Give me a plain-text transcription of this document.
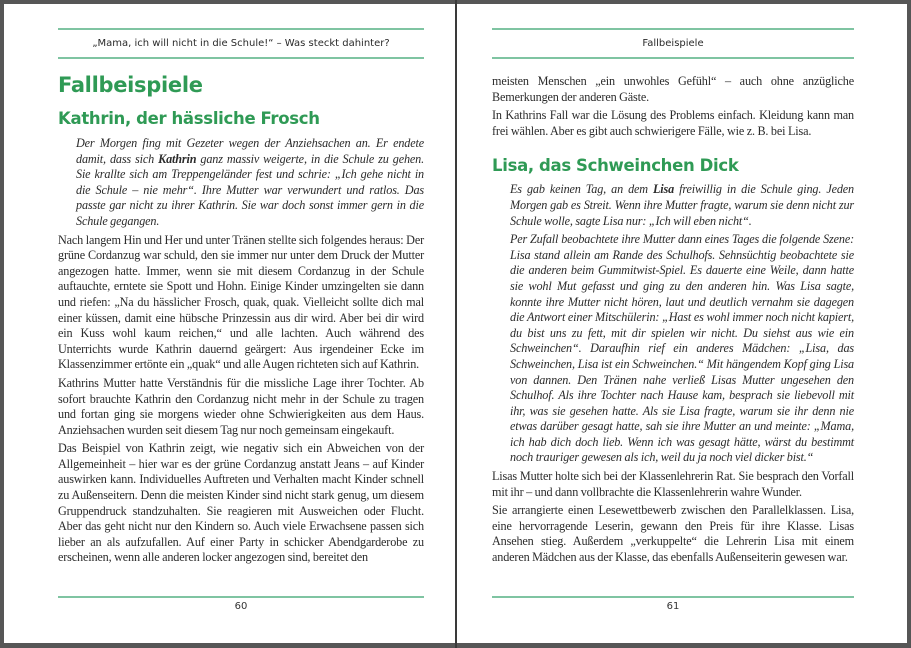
„Mama, ich will nicht in die Schule!“ – Was steckt dahinter?
Fallbeispiele
Kathrin, der hässliche Frosch

Der Morgen fing mit Gezeter wegen der Anziehsachen an. Er endete damit, dass sich Kathrin ganz massiv weigerte, in die Schule zu gehen. Sie krallte sich am Treppengeländer fest und schrie: „Ich gehe nicht in die Schule – nie mehr“. Ihre Mutter war verwundert und ratlos. Das passte gar nicht zu ihrer Kathrin. Sie war doch sonst immer gern in die Schule gegangen.

Nach langem Hin und Her und unter Tränen stellte sich folgendes heraus: Der grüne Cordanzug war schuld, den sie immer nur unter dem Druck der Mutter angezogen hatte. Immer, wenn sie mit diesem Cordanzug in der Schule auftauchte, erntete sie Spott und Hohn. Einige Kinder umzingelten sie dann und riefen: „Na du hässlicher Frosch, quak, quak. Vielleicht sollte dich mal einer küssen, damit eine hübsche Prinzessin aus dir wird. Aber bei dir wird ein Kuss wohl kaum reichen,“ und alle lachten. Auch während des Unterrichts wurde Kathrin dauernd geärgert: Aus irgendeiner Ecke im Klassenzimmer ertönte ein „quak“ und alle Augen richteten sich auf Kathrin.

Kathrins Mutter hatte Verständnis für die missliche Lage ihrer Tochter. Ab sofort brauchte Kathrin den Cordanzug nicht mehr in der Schule zu tragen und fortan ging sie morgens wieder ohne Schwierigkeiten aus dem Haus. Anziehsachen wurden seit diesem Tag nur noch gemeinsam eingekauft.

Das Beispiel von Kathrin zeigt, wie negativ sich ein Abweichen von der Allgemeinheit – hier war es der grüne Cordanzug anstatt Jeans – auf Kinder auswirken kann. Individuelles Auftreten und Verhalten macht Kinder schnell zu Außenseitern. Denn die meisten Kinder sind nicht stark genug, um diesem Gruppendruck standzuhalten. Sie reagieren mit Ausweichen oder Flucht. Aber das geht nicht nur den Kindern so. Auch viele Erwachsene passen sich lieber an als aufzufallen. Auf einer Party in schicker Abendgarderobe zu erscheinen, wenn alle anderen locker angezogen sind, bereitet den

60
Fallbeispiele

meisten Menschen „ein unwohles Gefühl“ – auch ohne anzügliche Bemerkungen der anderen Gäste.

In Kathrins Fall war die Lösung des Problems einfach. Kleidung kann man frei wählen. Aber es gibt auch schwierigere Fälle, wie z. B. bei Lisa.

Lisa, das Schweinchen Dick

Es gab keinen Tag, an dem Lisa freiwillig in die Schule ging. Jeden Morgen gab es Streit. Wenn ihre Mutter fragte, warum sie denn nicht zur Schule wolle, sagte Lisa nur: „Ich will eben nicht“.

Per Zufall beobachtete ihre Mutter dann eines Tages die folgende Szene: Lisa stand allein am Rande des Schulhofs. Sehnsüchtig beobachtete sie die anderen beim Gummitwist-Spiel. Es dauerte eine Weile, dann hatte sie wohl Mut gefasst und ging zu den anderen hin. Was Lisa sagte, konnte ihre Mutter nicht hören, laut und deutlich vernahm sie dagegen die Antwort einer Mitschülerin: „Hast es wohl immer noch nicht kapiert, du bist uns zu fett, mit dir spielen wir nicht. Du siehst aus wie ein Schweinchen“. Daraufhin rief ein anderes Mädchen: „Lisa, das Schweinchen, Lisa ist ein Schweinchen.“ Mit hängendem Kopf ging Lisa von dannen. Den Tränen nahe verließ Lisas Mutter ungesehen den Schulhof. Als ihre Tochter nach Hause kam, besprach sie liebevoll mit ihr, was sie gesehen hatte. Als sie Lisa fragte, warum sie ihr denn nie etwas darüber gesagt hatte, sah sie ihre Mutter an und meinte: „Mama, ich hab dich doch lieb. Wenn ich was gesagt hätte, wärst du bestimmt noch trauriger gewesen als ich, weil du ja noch viel dicker bist.“

Lisas Mutter holte sich bei der Klassenlehrerin Rat. Sie besprach den Vorfall mit ihr – und dann vollbrachte die Klassenlehrerin wahre Wunder.

Sie arrangierte einen Lesewettbewerb zwischen den Parallelklassen. Lisa, eine hervorragende Leserin, gewann den Preis für ihre Klasse. Lisas Ansehen stieg. Außerdem „verkuppelte“ die Lehrerin Lisa mit einem anderen Mädchen aus der Klasse, das ebenfalls Außenseiterin gewesen war.

61
